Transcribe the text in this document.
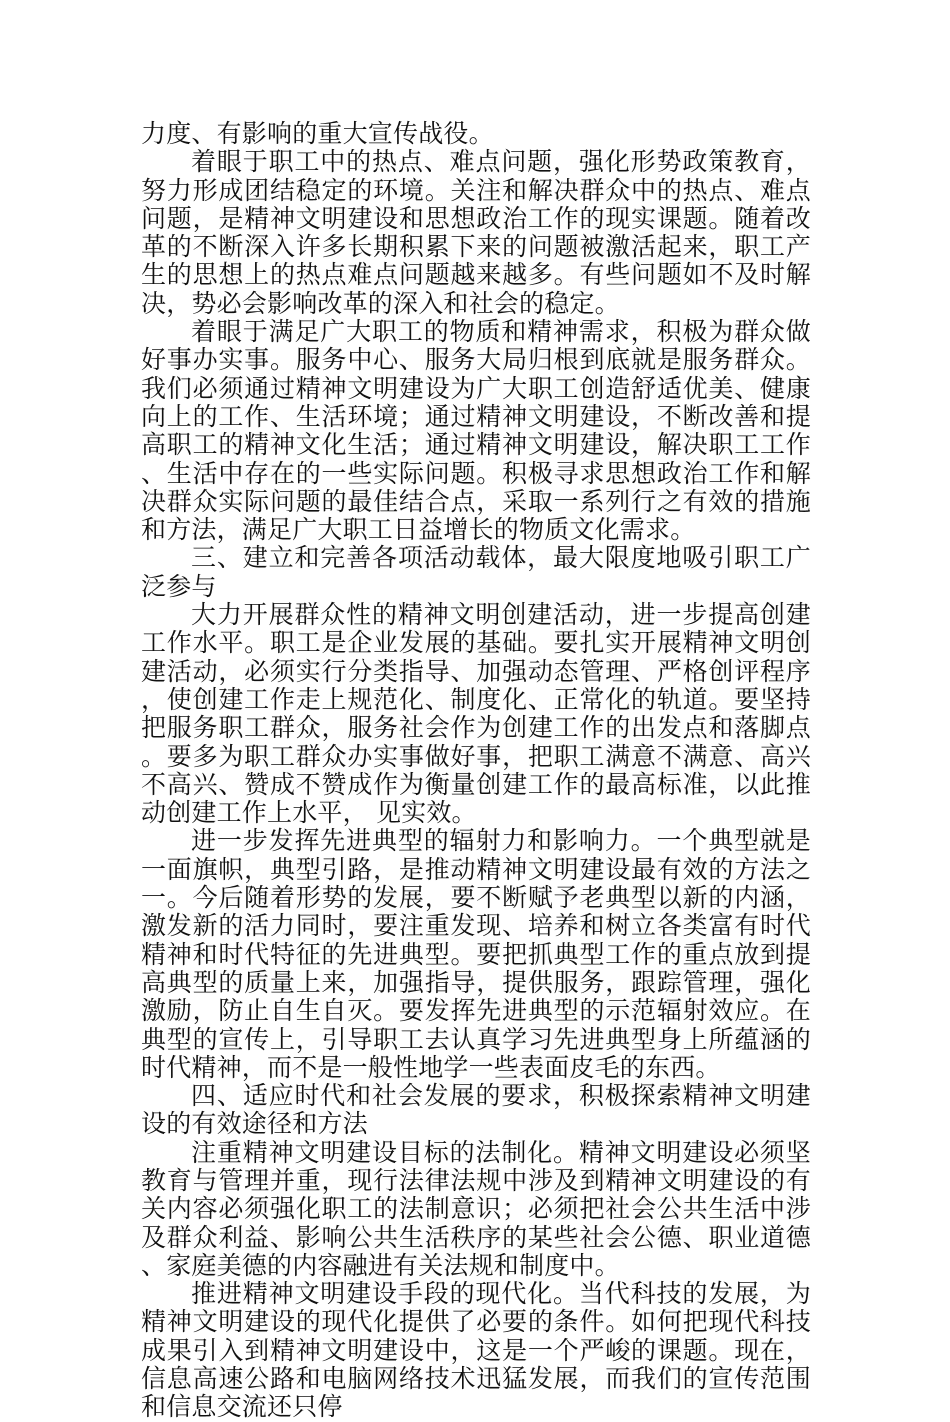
力度、有影响的重大宣传战役。

着眼于职工中的热点、难点问题，强化形势政策教育，努力形成团结稳定的环境。关注和解决群众中的热点、难点问题，是精神文明建设和思想政治工作的现实课题。随着改革的不断深入许多长期积累下来的问题被激活起来，职工产生的思想上的热点难点问题越来越多。有些问题如不及时解决，势必会影响改革的深入和社会的稳定。

着眼于满足广大职工的物质和精神需求，积极为群众做好事办实事。服务中心、服务大局归根到底就是服务群众。我们必须通过精神文明建设为广大职工创造舒适优美、健康向上的工作、生活环境；通过精神文明建设，不断改善和提高职工的精神文化生活；通过精神文明建设，解决职工工作、生活中存在的一些实际问题。积极寻求思想政治工作和解决群众实际问题的最佳结合点，采取一系列行之有效的措施和方法，满足广大职工日益增长的物质文化需求。

三、建立和完善各项活动载体，最大限度地吸引职工广泛参与

大力开展群众性的精神文明创建活动，进一步提高创建工作水平。职工是企业发展的基础。要扎实开展精神文明创建活动，必须实行分类指导、加强动态管理、严格创评程序，使创建工作走上规范化、制度化、正常化的轨道。要坚持把服务职工群众，服务社会作为创建工作的出发点和落脚点。要多为职工群众办实事做好事，把职工满意不满意、高兴不高兴、赞成不赞成作为衡量创建工作的最高标准，以此推动创建工作上水平， 见实效。

进一步发挥先进典型的辐射力和影响力。一个典型就是一面旗帜，典型引路，是推动精神文明建设最有效的方法之一。今后随着形势的发展，要不断赋予老典型以新的内涵，激发新的活力同时，要注重发现、培养和树立各类富有时代精神和时代特征的先进典型。要把抓典型工作的重点放到提高典型的质量上来，加强指导，提供服务，跟踪管理，强化激励，防止自生自灭。要发挥先进典型的示范辐射效应。在典型的宣传上，引导职工去认真学习先进典型身上所蕴涵的时代精神，而不是一般性地学一些表面皮毛的东西。

四、适应时代和社会发展的要求，积极探索精神文明建设的有效途径和方法

注重精神文明建设目标的法制化。精神文明建设必须坚教育与管理并重，现行法律法规中涉及到精神文明建设的有关内容必须强化职工的法制意识；必须把社会公共生活中涉及群众利益、影响公共生活秩序的某些社会公德、职业道德、家庭美德的内容融进有关法规和制度中。

推进精神文明建设手段的现代化。当代科技的发展，为精神文明建设的现代化提供了必要的条件。如何把现代科技成果引入到精神文明建设中，这是一个严峻的课题。现在，信息高速公路和电脑网络技术迅猛发展，而我们的宣传范围和信息交流还只停
